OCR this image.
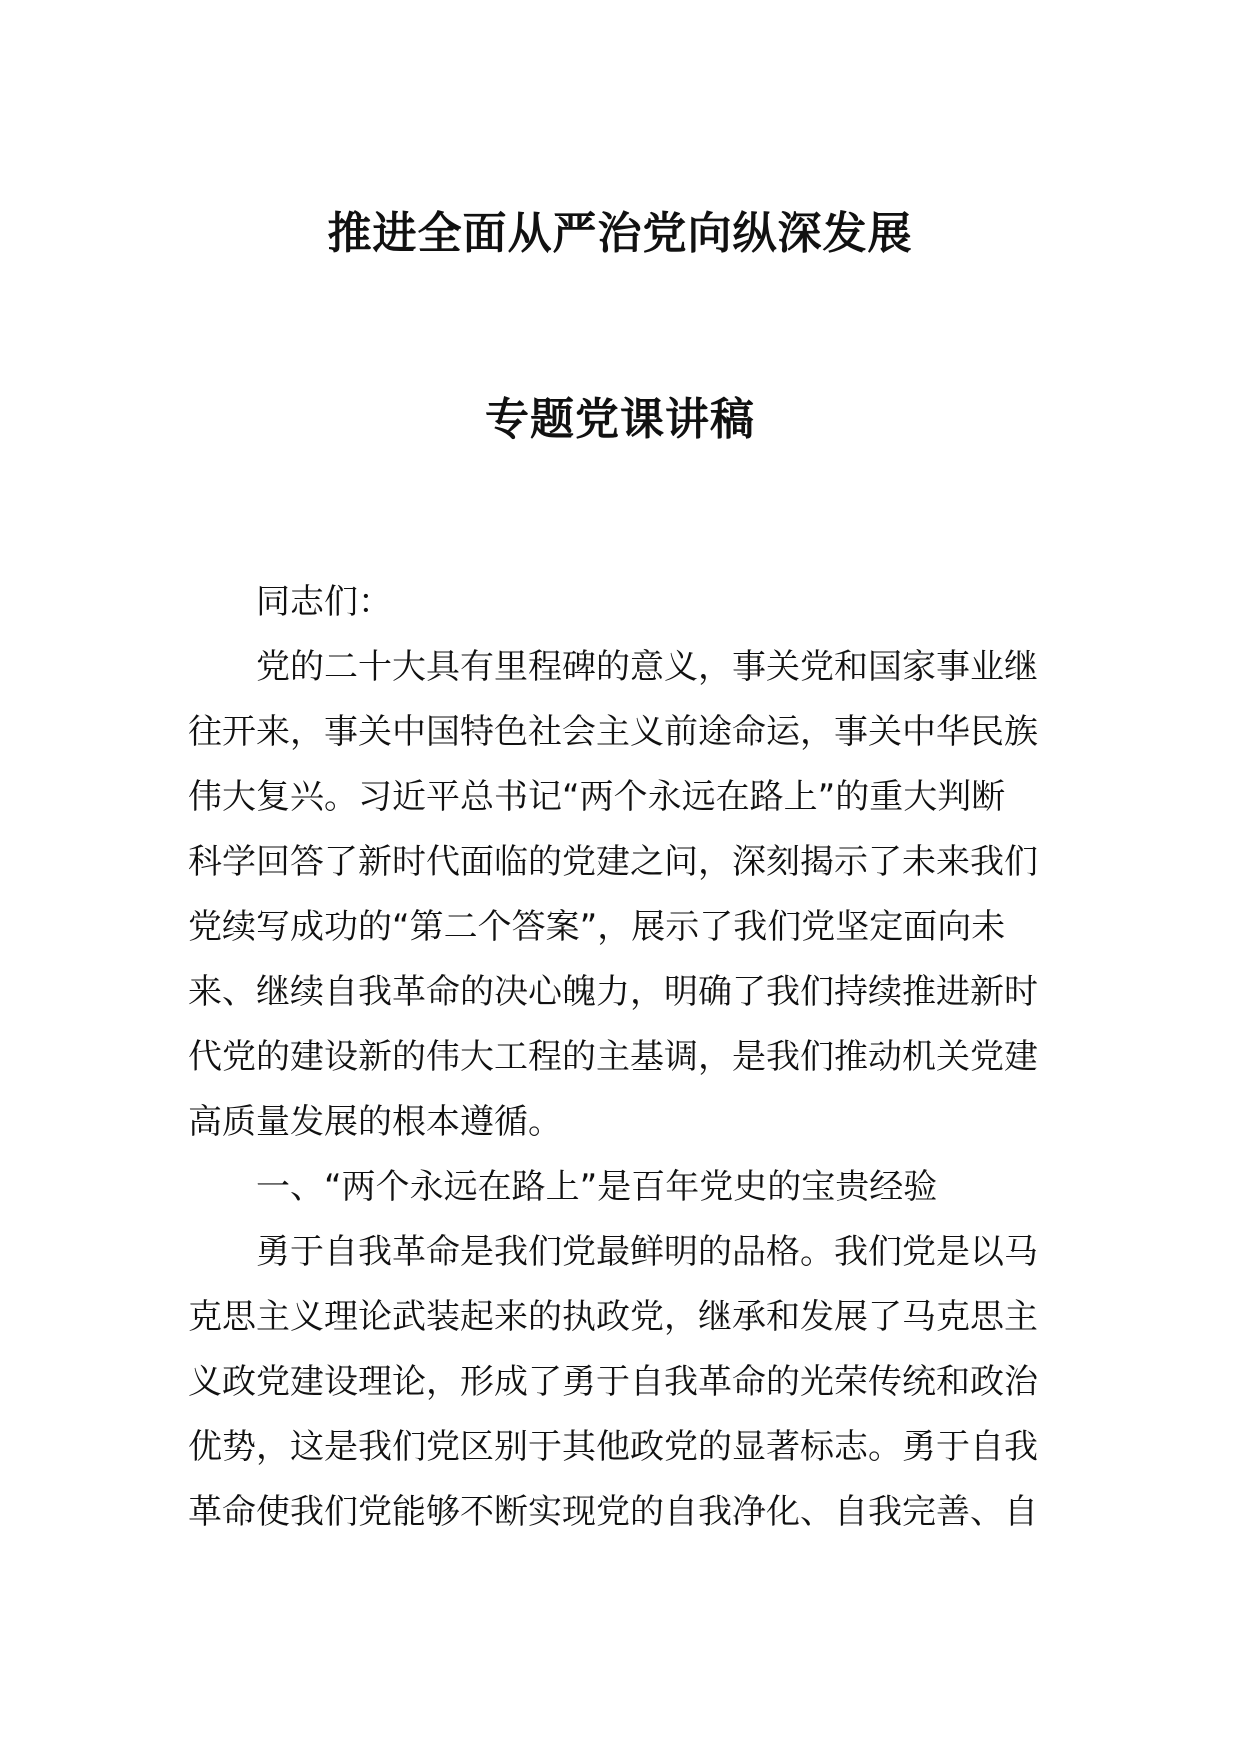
推进全面从严治党向纵深发展
专题党课讲稿
同志们：
党的二十大具有里程碑的意义，事关党和国家事业继
往开来，事关中国特色社会主义前途命运，事关中华民族
伟大复兴。习近平总书记“两个永远在路上”的重大判断
科学回答了新时代面临的党建之问，深刻揭示了未来我们
党续写成功的“第二个答案”，展示了我们党坚定面向未
来、继续自我革命的决心魄力，明确了我们持续推进新时
代党的建设新的伟大工程的主基调，是我们推动机关党建
高质量发展的根本遵循。
一、“两个永远在路上”是百年党史的宝贵经验
勇于自我革命是我们党最鲜明的品格。我们党是以马
克思主义理论武装起来的执政党，继承和发展了马克思主
义政党建设理论，形成了勇于自我革命的光荣传统和政治
优势，这是我们党区别于其他政党的显著标志。勇于自我
革命使我们党能够不断实现党的自我净化、自我完善、自
